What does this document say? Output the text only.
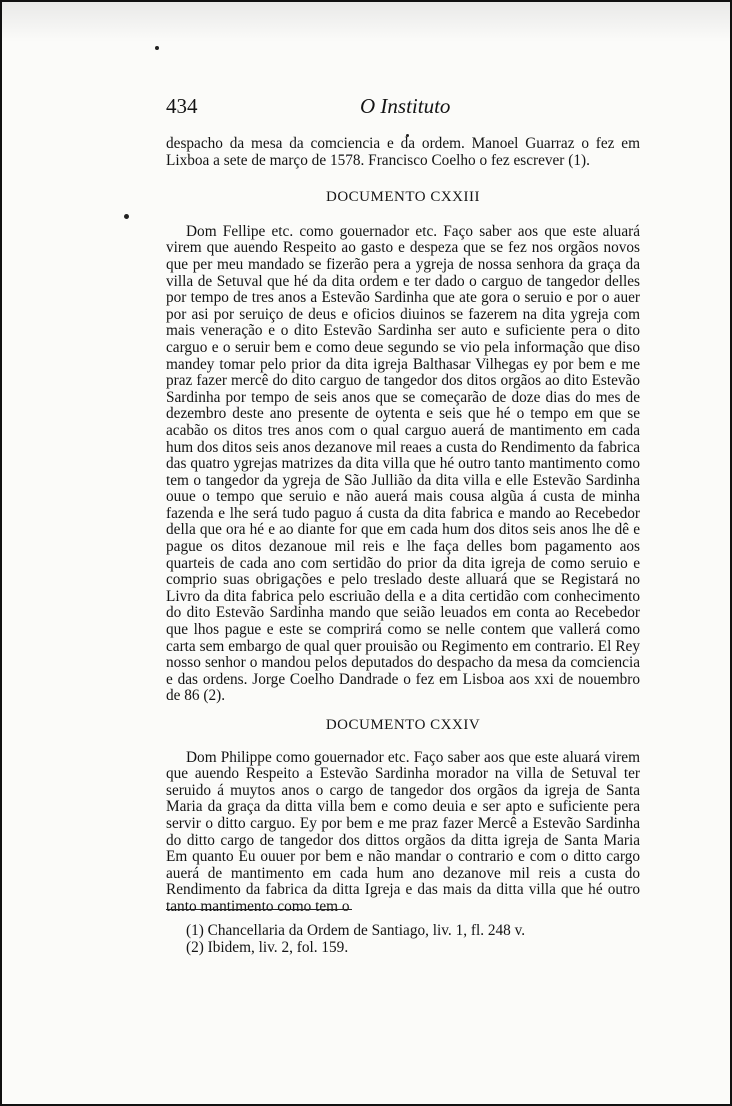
434	O Instituto

despacho da mesa da comciencia e da ordem. Manoel Guarraz o fez em Lixboa a sete de março de 1578. Francisco Coelho o fez escrever (1).

DOCUMENTO CXXIII

Dom Fellipe etc. como gouernador etc. Faço saber aos que este aluará virem que auendo Respeito ao gasto e despeza que se fez nos orgãos novos que per meu mandado se fizerão pera a ygreja de nossa senhora da graça da villa de Setuval que hé da dita ordem e ter dado o carguo de tangedor delles por tempo de tres anos a Estevão Sardinha que ate gora o seruio e por o auer por asi por seruiço de deus e oficios diuinos se fazerem na dita ygreja com mais veneração e o dito Estevão Sardinha ser auto e suficiente pera o dito carguo e o seruir bem e como deue segundo se vio pela informação que diso mandey tomar pelo prior da dita igreja Balthasar Vilhegas ey por bem e me praz fazer mercê do dito carguo de tangedor dos ditos orgãos ao dito Estevão Sardinha por tempo de seis anos que se começarão de doze dias do mes de dezembro deste ano presente de oytenta e seis que hé o tempo em que se acabão os ditos tres anos com o qual carguo auerá de mantimento em cada hum dos ditos seis anos dezanove mil reaes a custa do Rendimento da fabrica das quatro ygrejas matrizes da dita villa que hé outro tanto mantimento como tem o tangedor da ygreja de São Jullião da dita villa e elle Estevão Sardinha ouue o tempo que seruio e não auerá mais cousa algũa á custa de minha fazenda e lhe será tudo paguo á custa da dita fabrica e mando ao Recebedor della que ora hé e ao diante for que em cada hum dos ditos seis anos lhe dê e pague os ditos dezanoue mil reis e lhe faça delles bom pagamento aos quarteis de cada ano com sertidão do prior da dita igreja de como seruio e comprio suas obrigações e pelo treslado deste alluará que se Registará no Livro da dita fabrica pelo escriuão della e a dita certidão com conhecimento do dito Estevão Sardinha mando que seião leuados em conta ao Recebedor que lhos pague e este se comprirá como se nelle contem que vallerá como carta sem embargo de qual quer prouisão ou Regimento em contrario. El Rey nosso senhor o mandou pelos deputados do despacho da mesa da comciencia e das ordens. Jorge Coelho Dandrade o fez em Lisboa aos xxi de nouembro de 86 (2).

DOCUMENTO CXXIV

Dom Philippe como gouernador etc. Faço saber aos que este aluará virem que auendo Respeito a Estevão Sardinha morador na villa de Setuval ter seruido á muytos anos o cargo de tangedor dos orgãos da igreja de Santa Maria da graça da ditta villa bem e como deuia e ser apto e suficiente pera servir o ditto carguo. Ey por bem e me praz fazer Mercê a Estevão Sardinha do ditto cargo de tangedor dos dittos orgãos da ditta igreja de Santa Maria Em quanto Eu ouuer por bem e não mandar o contrario e com o ditto cargo auerá de mantimento em cada hum ano dezanove mil reis a custa do Rendimento da fabrica da ditta Igreja e das mais da ditta villa que hé outro tanto mantimento como tem o

(1) Chancellaria da Ordem de Santiago, liv. 1, fl. 248 v.
(2) Ibidem, liv. 2, fol. 159.
